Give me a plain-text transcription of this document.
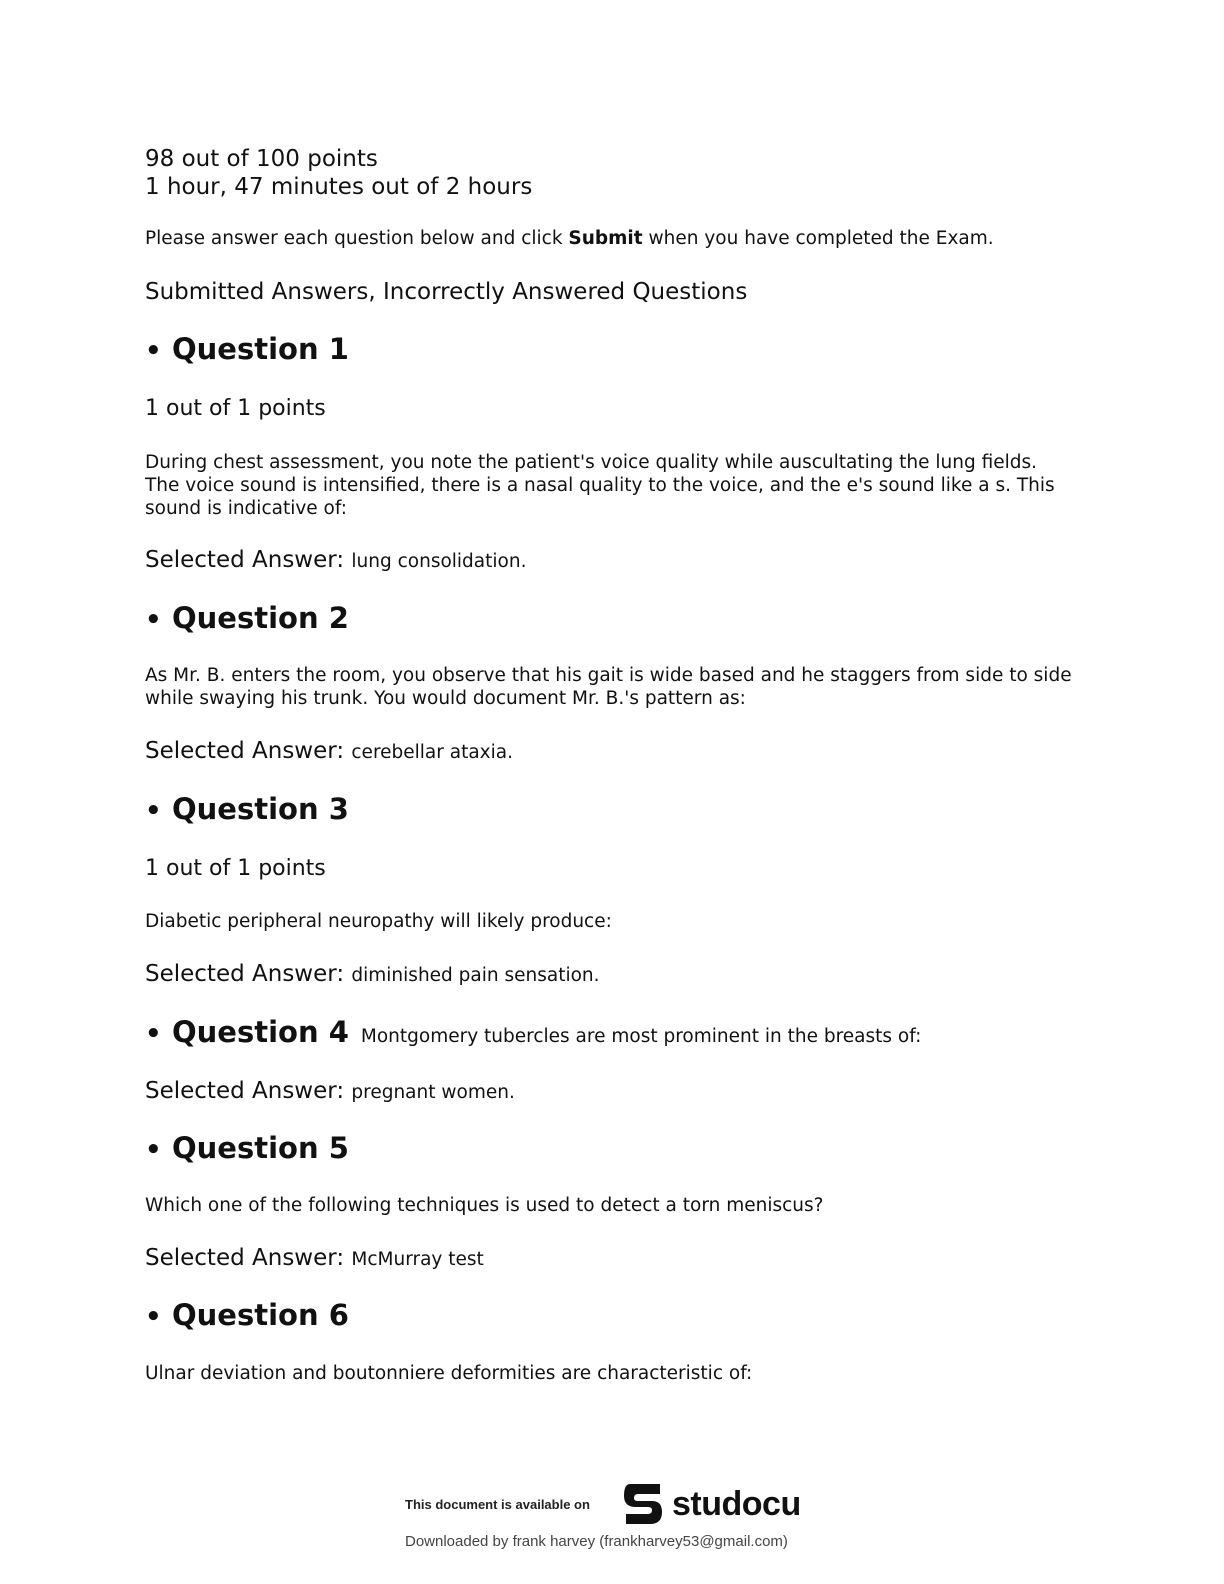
98 out of 100 points
1 hour, 47 minutes out of 2 hours
Please answer each question below and click Submit when you have completed the Exam.
Submitted Answers, Incorrectly Answered Questions
• Question 1
1 out of 1 points
During chest assessment, you note the patient's voice quality while auscultating the lung fields. The voice sound is intensified, there is a nasal quality to the voice, and the e's sound like a s. This sound is indicative of:
Selected Answer: lung consolidation.
• Question 2
As Mr. B. enters the room, you observe that his gait is wide based and he staggers from side to side while swaying his trunk. You would document Mr. B.'s pattern as:
Selected Answer: cerebellar ataxia.
• Question 3
1 out of 1 points
Diabetic peripheral neuropathy will likely produce:
Selected Answer: diminished pain sensation.
• Question 4 Montgomery tubercles are most prominent in the breasts of:
Selected Answer: pregnant women.
• Question 5
Which one of the following techniques is used to detect a torn meniscus?
Selected Answer: McMurray test
• Question 6
Ulnar deviation and boutonniere deformities are characteristic of:
This document is available on studocu
Downloaded by frank harvey (frankharvey53@gmail.com)
